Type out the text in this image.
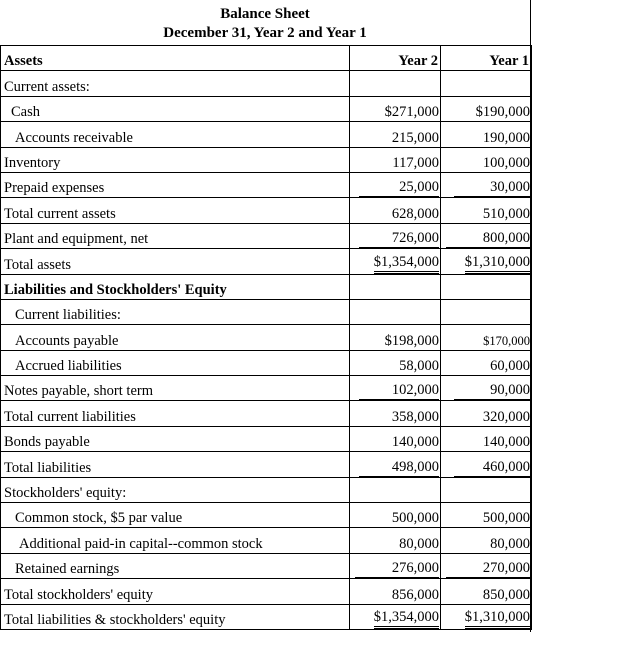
Balance Sheet
December 31, Year 2 and Year 1
Assets	Year 2	Year 1
Current assets:		
Cash	$271,000	$190,000
Accounts receivable	215,000	190,000
Inventory	117,000	100,000
Prepaid expenses	25,000	30,000
Total current assets	628,000	510,000
Plant and equipment, net	726,000	800,000
Total assets	$1,354,000	$1,310,000
Liabilities and Stockholders' Equity		
Current liabilities:		
Accounts payable	$198,000	$170,000
Accrued liabilities	58,000	60,000
Notes payable, short term	102,000	90,000
Total current liabilities	358,000	320,000
Bonds payable	140,000	140,000
Total liabilities	498,000	460,000
Stockholders' equity:		
Common stock, $5 par value	500,000	500,000
Additional paid-in capital--common stock	80,000	80,000
Retained earnings	276,000	270,000
Total stockholders' equity	856,000	850,000
Total liabilities & stockholders' equity	$1,354,000	$1,310,000
